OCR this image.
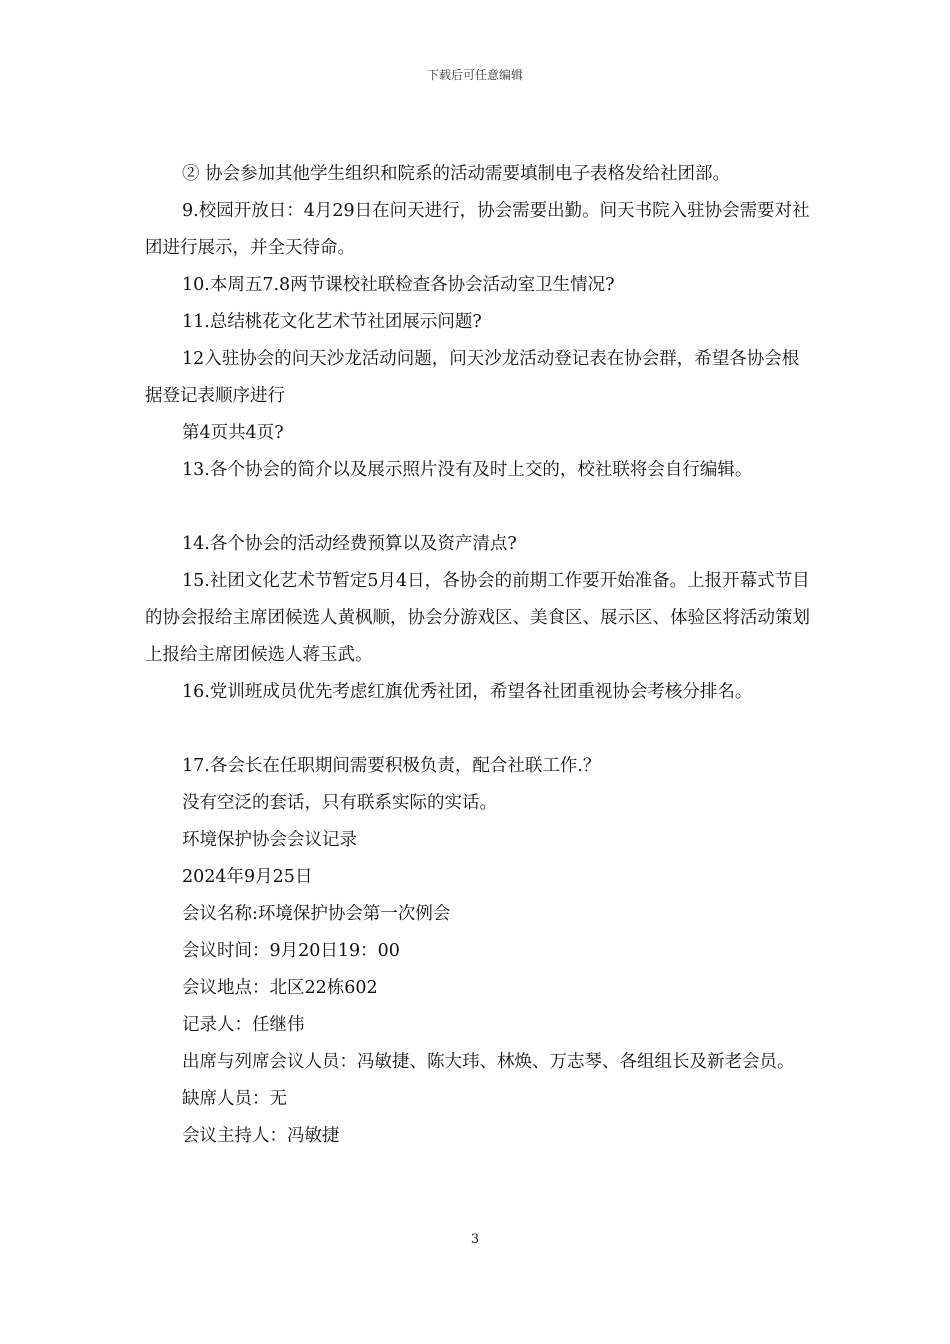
下载后可任意编辑

② 协会参加其他学生组织和院系的活动需要填制电子表格发给社团部。

9.校园开放日：4月29日在问天进行，协会需要出勤。问天书院入驻协会需要对社团进行展示，并全天待命。

10.本周五7.8两节课校社联检查各协会活动室卫生情况?

11.总结桃花文化艺术节社团展示问题?

12入驻协会的问天沙龙活动问题，问天沙龙活动登记表在协会群，希望各协会根据登记表顺序进行

第4页共4页?

13.各个协会的简介以及展示照片没有及时上交的，校社联将会自行编辑。

14.各个协会的活动经费预算以及资产清点?

15.社团文化艺术节暂定5月4日，各协会的前期工作要开始准备。上报开幕式节目的协会报给主席团候选人黄枫顺，协会分游戏区、美食区、展示区、体验区将活动策划上报给主席团候选人蒋玉武。

16.党训班成员优先考虑红旗优秀社团，希望各社团重视协会考核分排名。

17.各会长在任职期间需要积极负责，配合社联工作.？

没有空泛的套话，只有联系实际的实话。

环境保护协会会议记录

2024年9月25日

会议名称:环境保护协会第一次例会

会议时间：9月20日19：00

会议地点：北区22栋602

记录人：任继伟

出席与列席会议人员：冯敏捷、陈大玮、林焕、万志琴、各组组长及新老会员。

缺席人员：无

会议主持人：冯敏捷

3
